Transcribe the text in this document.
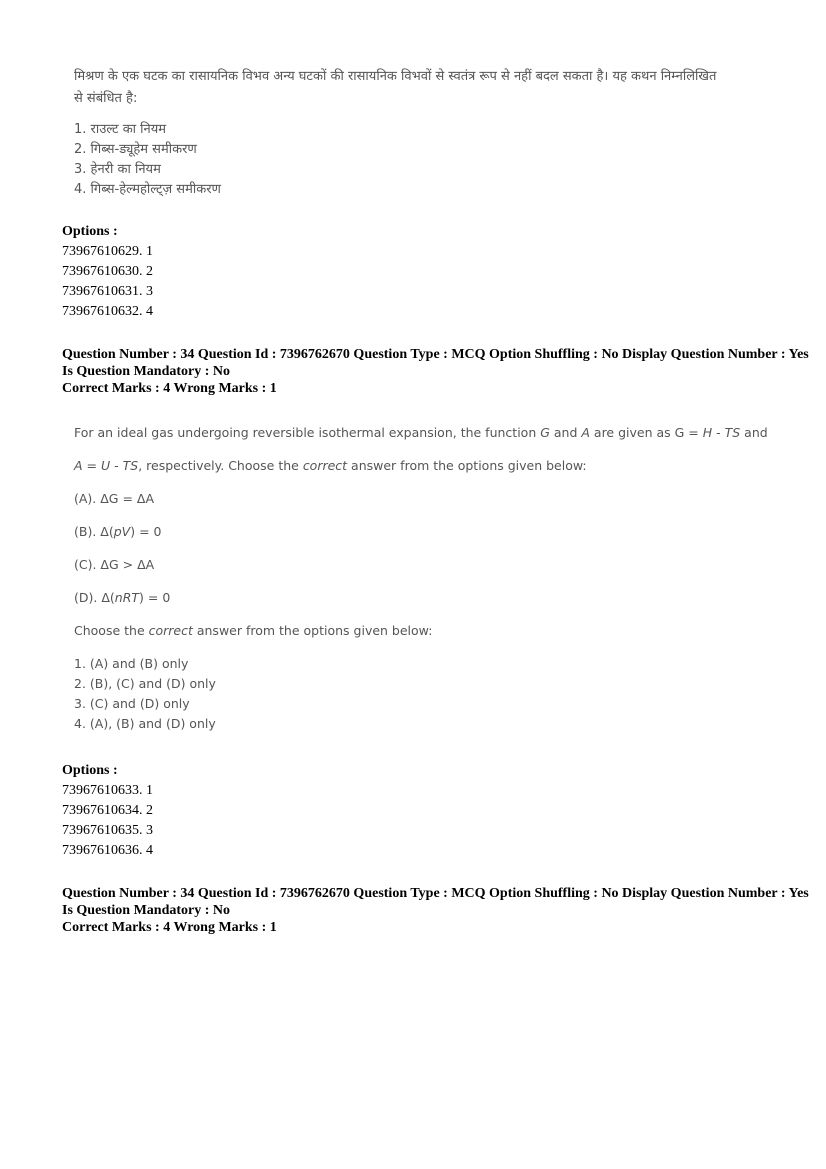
मिश्रण के एक घटक का रासायनिक विभव अन्य घटकों की रासायनिक विभवों से स्वतंत्र रूप से नहीं बदल सकता है। यह कथन निम्नलिखित
से संबंधित है:
1. राउल्ट का नियम
2. गिब्स-ड्यूहेम समीकरण
3. हेनरी का नियम
4. गिब्स-हेल्महोल्ट्ज़ समीकरण
Options :
73967610629. 1
73967610630. 2
73967610631. 3
73967610632. 4
Question Number : 34 Question Id : 7396762670 Question Type : MCQ Option Shuffling : No Display Question Number : Yes
Is Question Mandatory : No
Correct Marks : 4 Wrong Marks : 1

For an ideal gas undergoing reversible isothermal expansion, the function G and A are given as G = H - TS and

A = U - TS, respectively. Choose the correct answer from the options given below:

(A). ΔG = ΔA

(B). Δ(pV) = 0

(C). ΔG > ΔA

(D). Δ(nRT) = 0

Choose the correct answer from the options given below:

1. (A) and (B) only
2. (B), (C) and (D) only
3. (C) and (D) only
4. (A), (B) and (D) only
Options :
73967610633. 1
73967610634. 2
73967610635. 3
73967610636. 4
Question Number : 34 Question Id : 7396762670 Question Type : MCQ Option Shuffling : No Display Question Number : Yes
Is Question Mandatory : No
Correct Marks : 4 Wrong Marks : 1
